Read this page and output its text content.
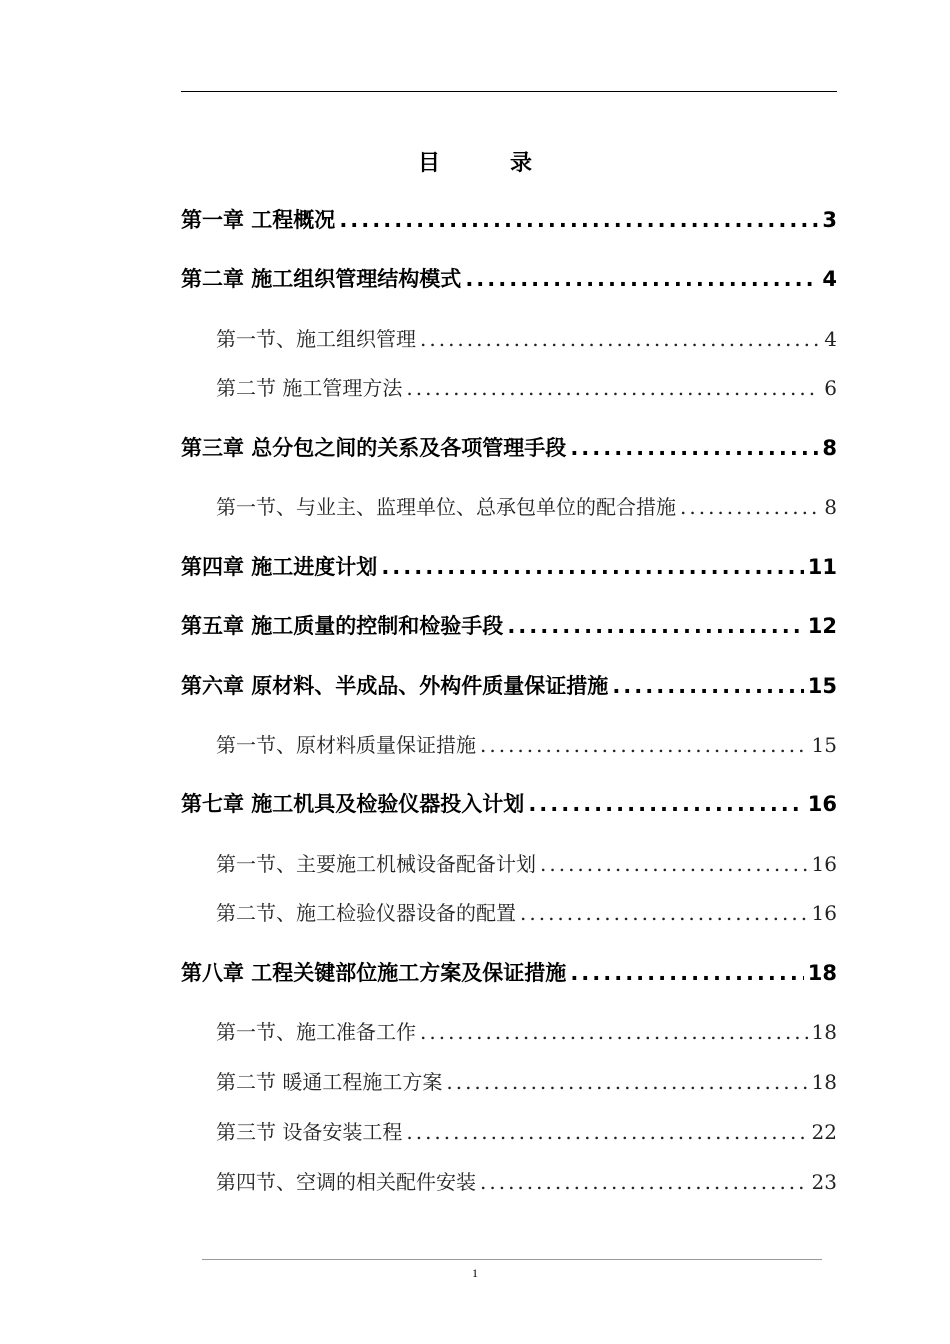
目	录
第一章 工程概况 .....	3
第二章 施工组织管理结构模式 .....	4
第一节、施工组织管理 .....	4
第二节 施工管理方法 .....	6
第三章 总分包之间的关系及各项管理手段 .....	8
第一节、与业主、监理单位、总承包单位的配合措施 .....	8
第四章 施工进度计划 .....	11
第五章 施工质量的控制和检验手段 .....	12
第六章 原材料、半成品、外构件质量保证措施 .....	15
第一节、原材料质量保证措施 .....	15
第七章 施工机具及检验仪器投入计划 .....	16
第一节、主要施工机械设备配备计划 .....	16
第二节、施工检验仪器设备的配置 .....	16
第八章 工程关键部位施工方案及保证措施 .....	18
第一节、施工准备工作 .....	18
第二节 暖通工程施工方案 .....	18
第三节 设备安装工程 .....	22
第四节、空调的相关配件安装 .....	23
1
